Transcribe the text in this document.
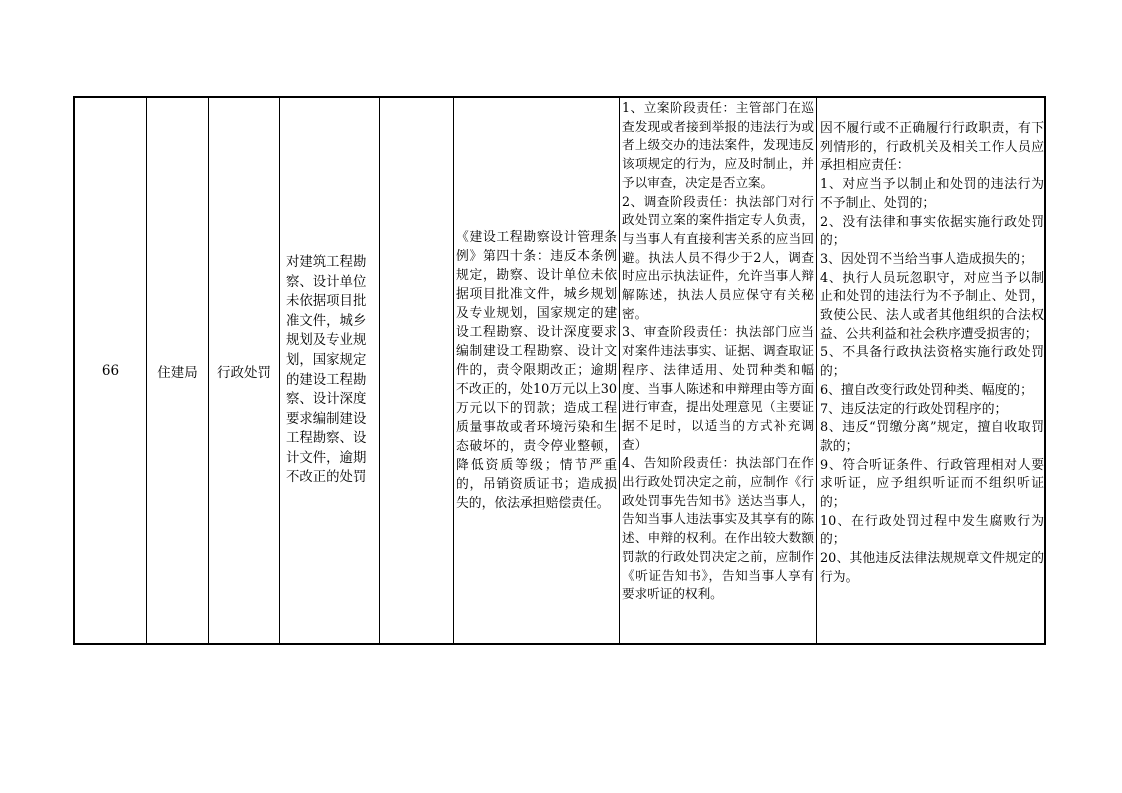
66	住建局	行政处罚
对建筑工程勘察、设计单位未依据项目批准文件，城乡规划及专业规划，国家规定的建设工程勘察、设计深度要求编制建设工程勘察、设计文件，逾期不改正的处罚
《建设工程勘察设计管理条例》第四十条：违反本条例规定，勘察、设计单位未依据项目批准文件，城乡规划及专业规划，国家规定的建设工程勘察、设计深度要求编制建设工程勘察、设计文件的，责令限期改正；逾期不改正的，处10万元以上30万元以下的罚款；造成工程质量事故或者环境污染和生态破坏的，责令停业整顿，降低资质等级；情节严重的，吊销资质证书；造成损失的，依法承担赔偿责任。
1、立案阶段责任：主管部门在巡查发现或者接到举报的违法行为或者上级交办的违法案件，发现违反该项规定的行为，应及时制止，并予以审查，决定是否立案。
2、调查阶段责任：执法部门对行政处罚立案的案件指定专人负责，与当事人有直接利害关系的应当回避。执法人员不得少于2人，调查时应出示执法证件，允许当事人辩解陈述，执法人员应保守有关秘密。
3、审查阶段责任：执法部门应当对案件违法事实、证据、调查取证程序、法律适用、处罚种类和幅度、当事人陈述和申辩理由等方面进行审查，提出处理意见（主要证据不足时，以适当的方式补充调查）
4、告知阶段责任：执法部门在作出行政处罚决定之前，应制作《行政处罚事先告知书》送达当事人，告知当事人违法事实及其享有的陈述、申辩的权利。在作出较大数额罚款的行政处罚决定之前，应制作《听证告知书》，告知当事人享有要求听证的权利。
因不履行或不正确履行行政职责，有下列情形的，行政机关及相关工作人员应承担相应责任：
1、对应当予以制止和处罚的违法行为不予制止、处罚的；
2、没有法律和事实依据实施行政处罚的；
3、因处罚不当给当事人造成损失的；
4、执行人员玩忽职守，对应当予以制止和处罚的违法行为不予制止、处罚，致使公民、法人或者其他组织的合法权益、公共利益和社会秩序遭受损害的；
5、不具备行政执法资格实施行政处罚的；
6、擅自改变行政处罚种类、幅度的；
7、违反法定的行政处罚程序的；
8、违反“罚缴分离”规定，擅自收取罚款的；
9、符合听证条件、行政管理相对人要求听证，应予组织听证而不组织听证的；
10、在行政处罚过程中发生腐败行为的；
20、其他违反法律法规规章文件规定的行为。
